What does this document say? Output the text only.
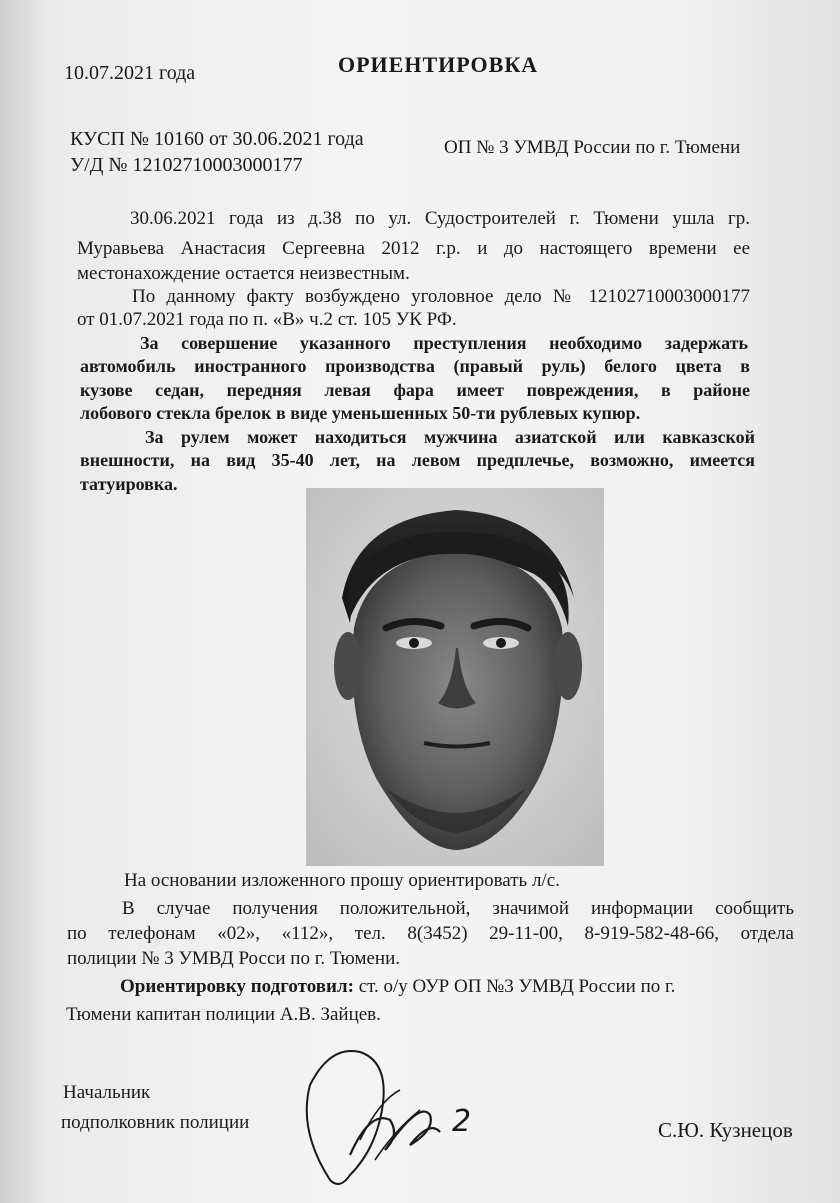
10.07.2021 года	ОРИЕНТИРОВКА
КУСП № 10160 от 30.06.2021 года
У/Д № 12102710003000177
ОП № 3 УМВД России по г. Тюмени
30.06.2021 года из д.38 по ул. Судостроителей г. Тюмени ушла гр.
Муравьева Анастасия Сергеевна 2012 г.р. и до настоящего времени ее
местонахождение остается неизвестным.
По данному факту возбуждено уголовное дело № 12102710003000177
от 01.07.2021 года по п. «В» ч.2 ст. 105 УК РФ.
За совершение указанного преступления необходимо задержать
автомобиль иностранного производства (правый руль) белого цвета в
кузове седан, передняя левая фара имеет повреждения, в районе
лобового стекла брелок в виде уменьшенных 50-ти рублевых купюр.
За рулем может находиться мужчина азиатской или кавказской
внешности, на вид 35-40 лет, на левом предплечье, возможно, имеется
татуировка.
На основании изложенного прошу ориентировать л/с.
В случае получения положительной, значимой информации сообщить
по телефонам «02», «112», тел. 8(3452) 29-11-00, 8-919-582-48-66, отдела
полиции № 3 УМВД Росси по г. Тюмени.
Ориентировку подготовил: ст. о/у ОУР ОП №3 УМВД России по г.
Тюмени капитан полиции А.В. Зайцев.
Начальник
подполковник полиции	2	С.Ю. Кузнецов
